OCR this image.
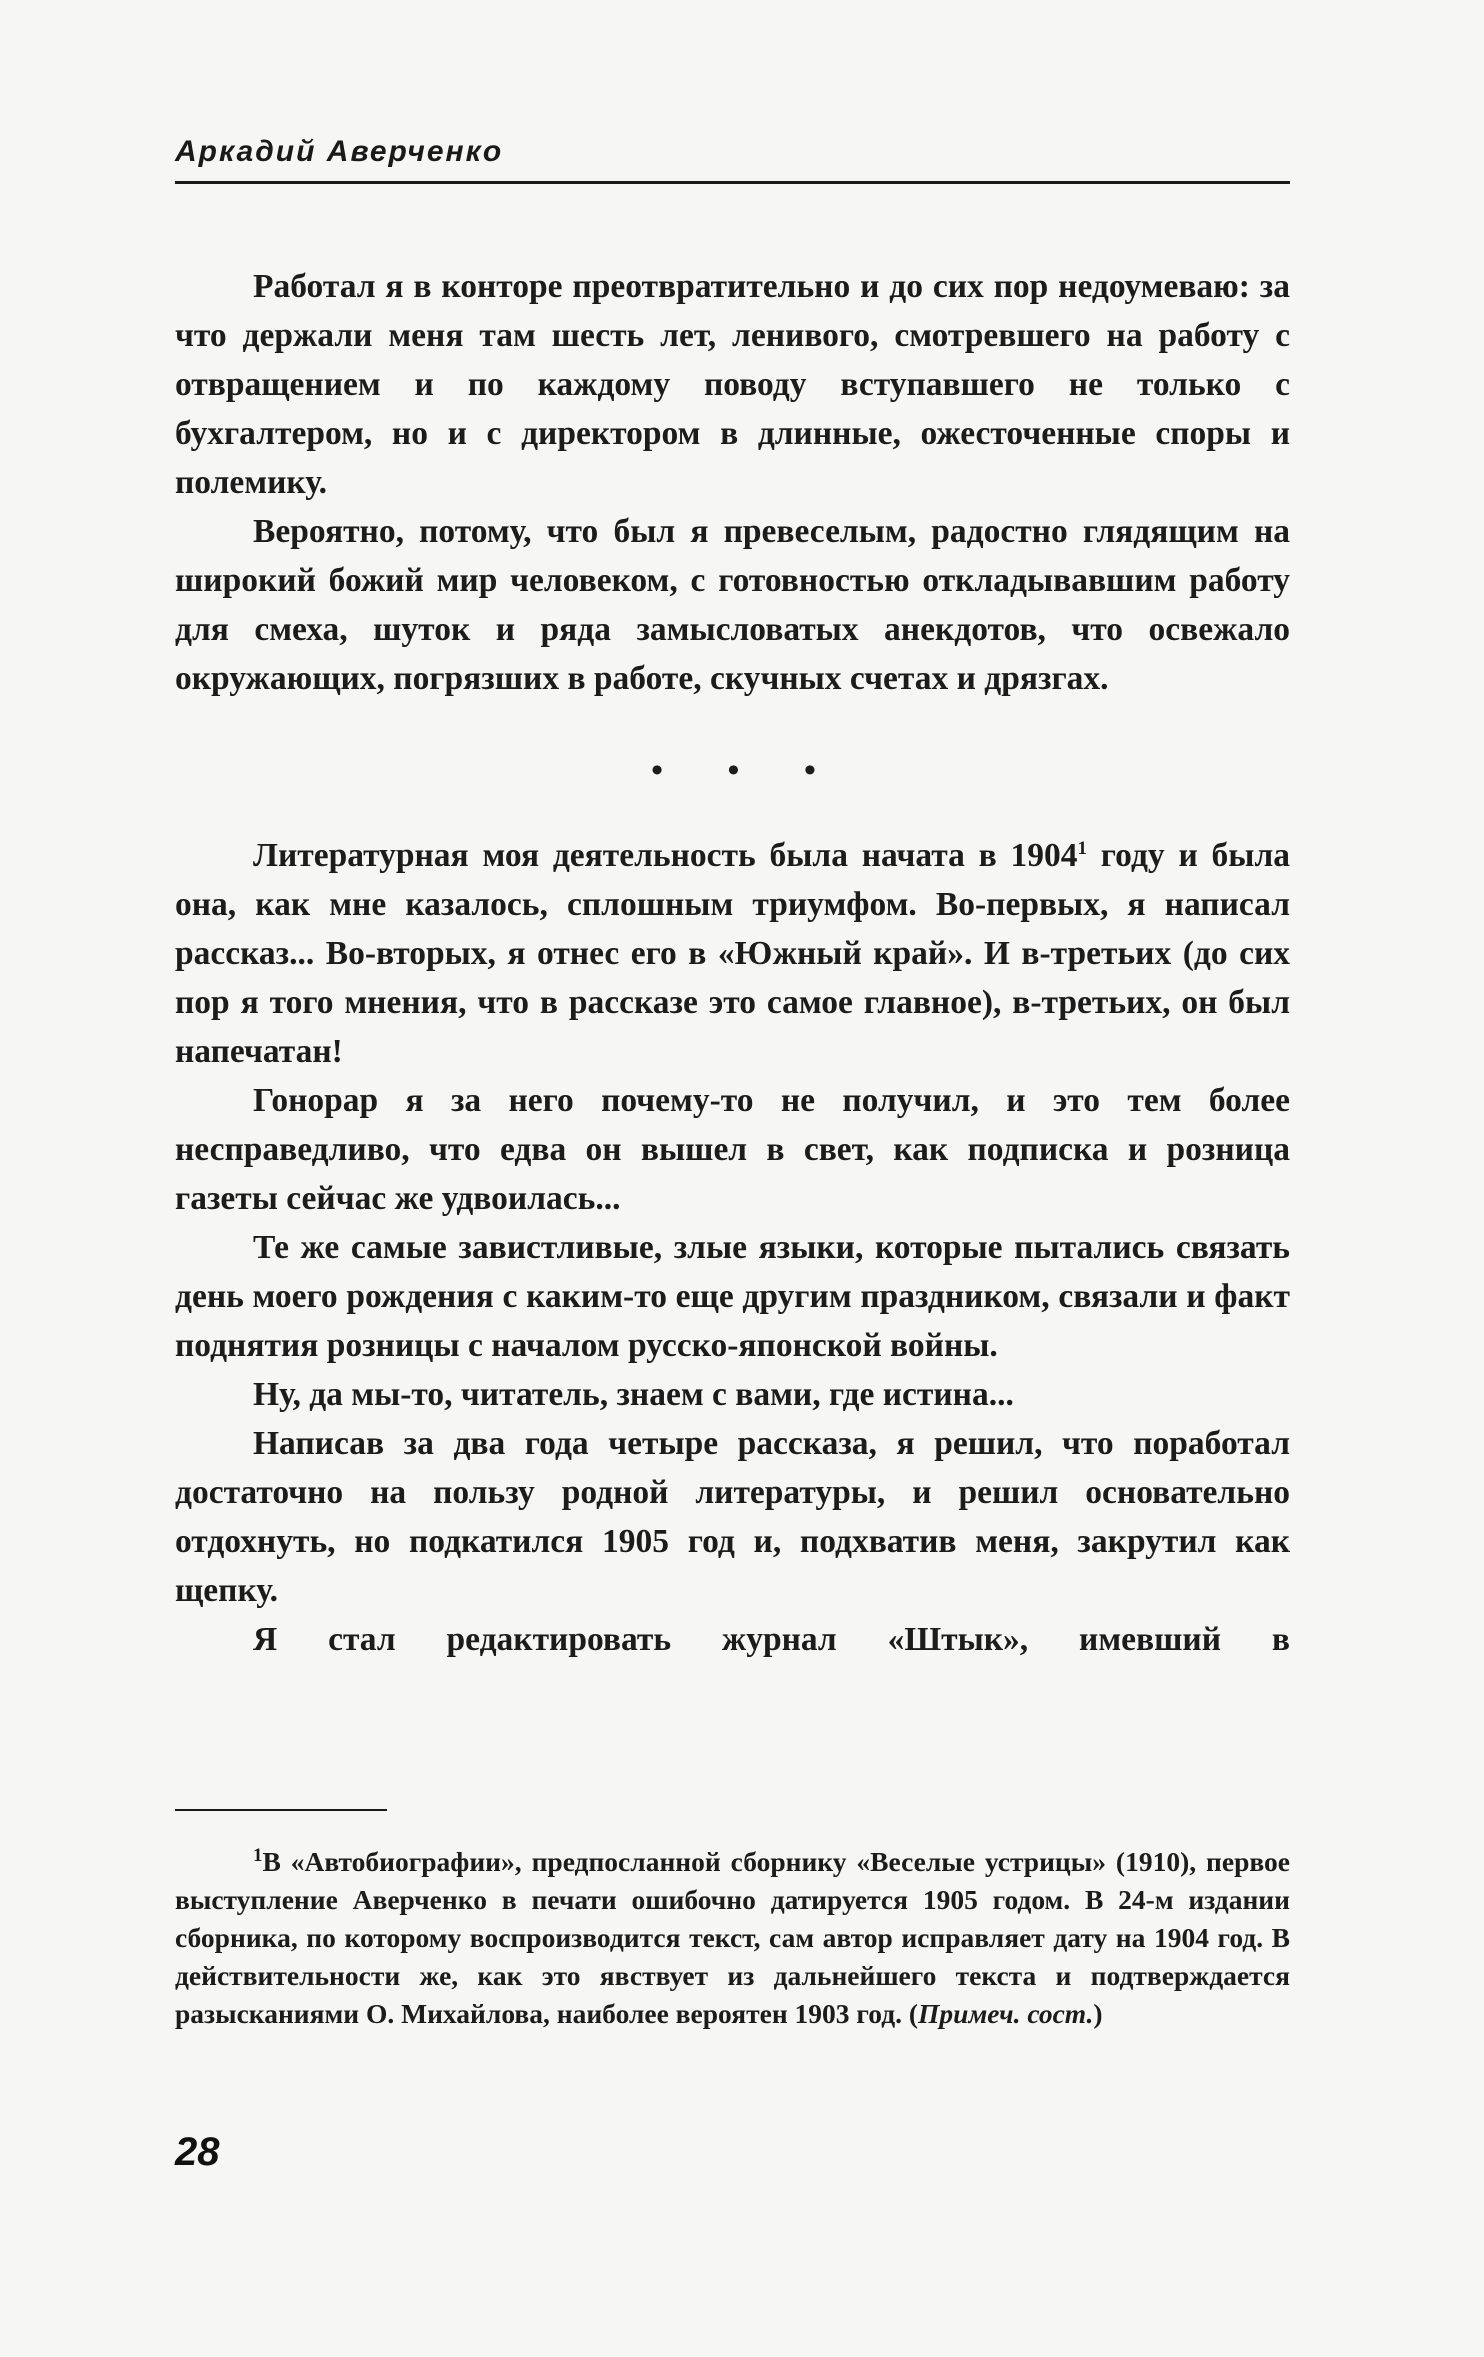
Аркадий Аверченко

Работал я в конторе преотвратительно и до сих пор недоумеваю: за что держали меня там шесть лет, ленивого, смотревшего на работу с отвращением и по каждому поводу вступавшего не только с бухгалтером, но и с директором в длинные, ожесточенные споры и полемику.

Вероятно, потому, что был я превеселым, радостно глядящим на широкий божий мир человеком, с готовностью откладывавшим работу для смеха, шуток и ряда замысловатых анекдотов, что освежало окружающих, погрязших в работе, скучных счетах и дрязгах.

• • •

Литературная моя деятельность была начата в 1904$^1$ году и была она, как мне казалось, сплошным триумфом. Во-первых, я написал рассказ... Во-вторых, я отнес его в «Южный край». И в-третьих (до сих пор я того мнения, что в рассказе это самое главное), в-третьих, он был напечатан!

Гонорар я за него почему-то не получил, и это тем более несправедливо, что едва он вышел в свет, как подписка и розница газеты сейчас же удвоилась...

Те же самые завистливые, злые языки, которые пытались связать день моего рождения с каким-то еще другим праздником, связали и факт поднятия розницы с началом русско-японской войны.

Ну, да мы-то, читатель, знаем с вами, где истина...

Написав за два года четыре рассказа, я решил, что поработал достаточно на пользу родной литературы, и решил основательно отдохнуть, но подкатился 1905 год и, подхватив меня, закрутил как щепку.

Я стал редактировать журнал «Штык», имевший в

$^1$В «Автобиографии», предпосланной сборнику «Веселые устрицы» (1910), первое выступление Аверченко в печати ошибочно датируется 1905 годом. В 24-м издании сборника, по которому воспроизводится текст, сам автор исправляет дату на 1904 год. В действительности же, как это явствует из дальнейшего текста и подтверждается разысканиями О. Михайлова, наиболее вероятен 1903 год. (Примеч. сост.)

28
